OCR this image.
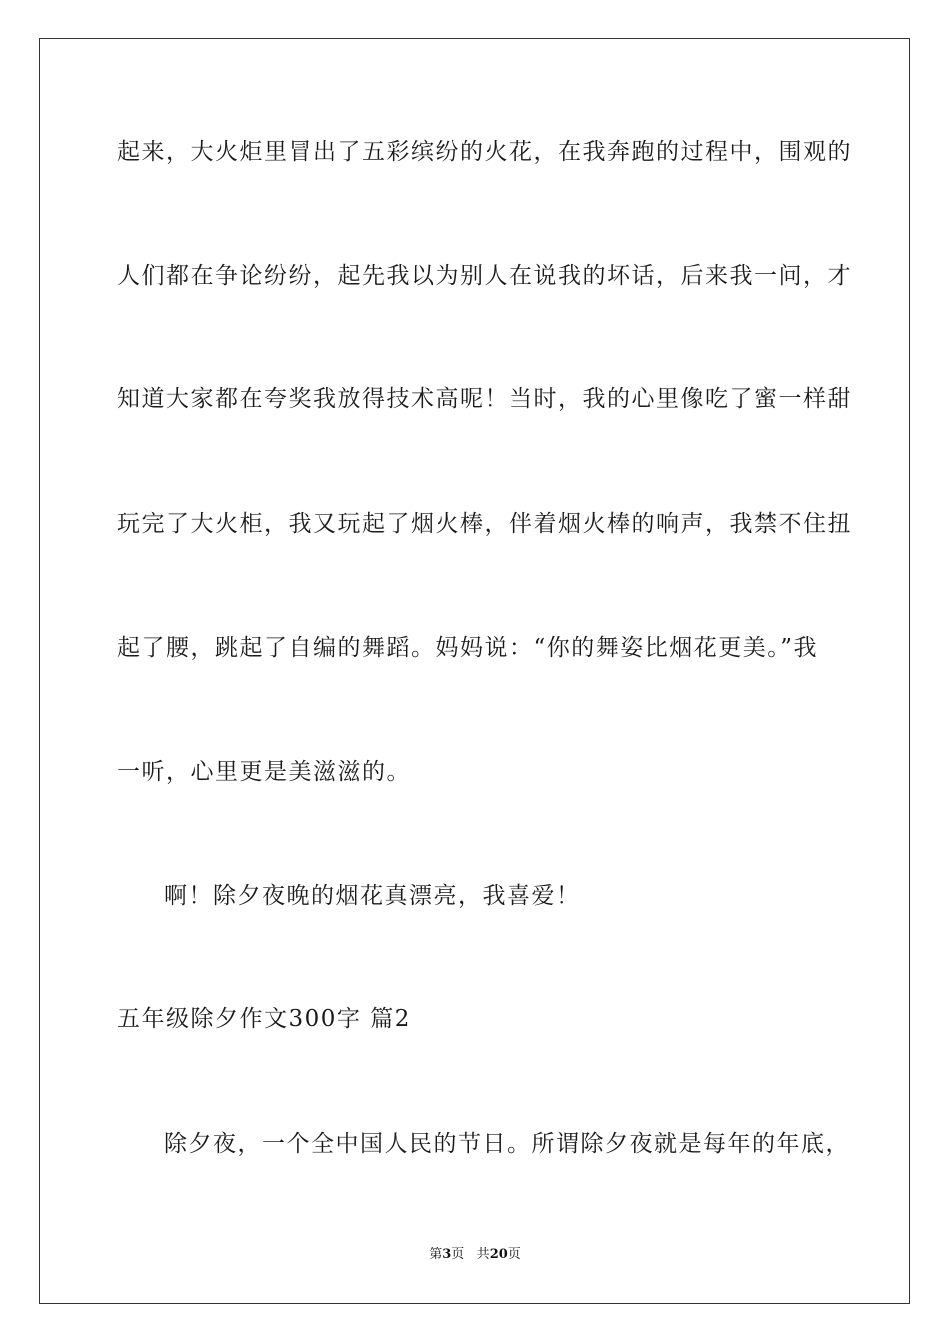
起来，大火炬里冒出了五彩缤纷的火花，在我奔跑的过程中，围观的
人们都在争论纷纷，起先我以为别人在说我的坏话，后来我一问，才
知道大家都在夸奖我放得技术高呢！当时，我的心里像吃了蜜一样甜
玩完了大火柜，我又玩起了烟火棒，伴着烟火棒的响声，我禁不住扭
起了腰，跳起了自编的舞蹈。妈妈说：“你的舞姿比烟花更美。”我
一听，心里更是美滋滋的。
啊！除夕夜晚的烟花真漂亮，我喜爱！
五年级除夕作文300字 篇2
除夕夜，一个全中国人民的节日。所谓除夕夜就是每年的年底，
第3页 共20页
